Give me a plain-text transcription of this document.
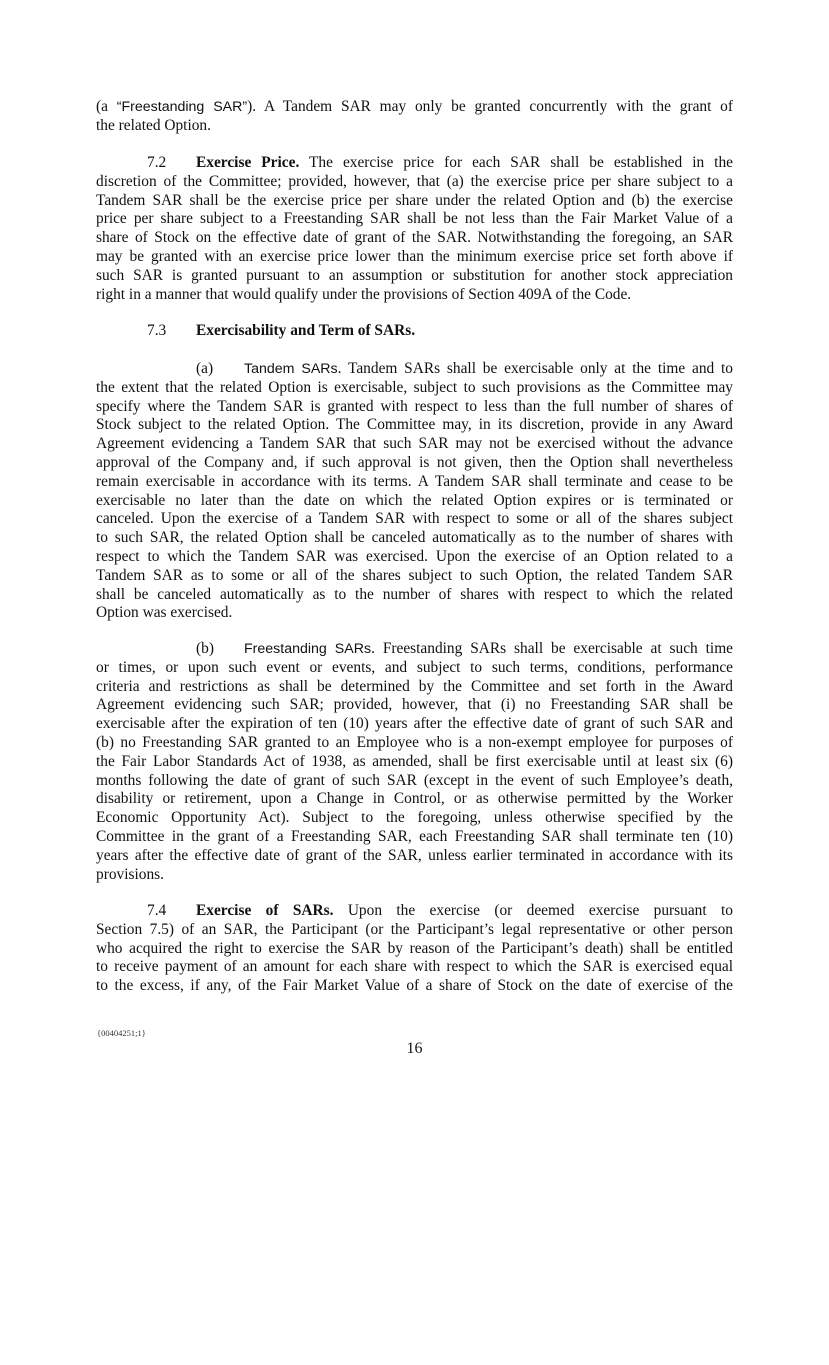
(a “Freestanding SAR”). A Tandem SAR may only be granted concurrently with the grant of
the related Option.
7.2 Exercise Price. The exercise price for each SAR shall be established in the
discretion of the Committee; provided, however, that (a) the exercise price per share subject to a
Tandem SAR shall be the exercise price per share under the related Option and (b) the exercise
price per share subject to a Freestanding SAR shall be not less than the Fair Market Value of a
share of Stock on the effective date of grant of the SAR. Notwithstanding the foregoing, an SAR
may be granted with an exercise price lower than the minimum exercise price set forth above if
such SAR is granted pursuant to an assumption or substitution for another stock appreciation
right in a manner that would qualify under the provisions of Section 409A of the Code.
7.3 Exercisability and Term of SARs.
(a) Tandem SARs. Tandem SARs shall be exercisable only at the time and to
the extent that the related Option is exercisable, subject to such provisions as the Committee may
specify where the Tandem SAR is granted with respect to less than the full number of shares of
Stock subject to the related Option. The Committee may, in its discretion, provide in any Award
Agreement evidencing a Tandem SAR that such SAR may not be exercised without the advance
approval of the Company and, if such approval is not given, then the Option shall nevertheless
remain exercisable in accordance with its terms. A Tandem SAR shall terminate and cease to be
exercisable no later than the date on which the related Option expires or is terminated or
canceled. Upon the exercise of a Tandem SAR with respect to some or all of the shares subject
to such SAR, the related Option shall be canceled automatically as to the number of shares with
respect to which the Tandem SAR was exercised. Upon the exercise of an Option related to a
Tandem SAR as to some or all of the shares subject to such Option, the related Tandem SAR
shall be canceled automatically as to the number of shares with respect to which the related
Option was exercised.
(b) Freestanding SARs. Freestanding SARs shall be exercisable at such time
or times, or upon such event or events, and subject to such terms, conditions, performance
criteria and restrictions as shall be determined by the Committee and set forth in the Award
Agreement evidencing such SAR; provided, however, that (i) no Freestanding SAR shall be
exercisable after the expiration of ten (10) years after the effective date of grant of such SAR and
(b) no Freestanding SAR granted to an Employee who is a non-exempt employee for purposes of
the Fair Labor Standards Act of 1938, as amended, shall be first exercisable until at least six (6)
months following the date of grant of such SAR (except in the event of such Employee’s death,
disability or retirement, upon a Change in Control, or as otherwise permitted by the Worker
Economic Opportunity Act). Subject to the foregoing, unless otherwise specified by the
Committee in the grant of a Freestanding SAR, each Freestanding SAR shall terminate ten (10)
years after the effective date of grant of the SAR, unless earlier terminated in accordance with its
provisions.
7.4 Exercise of SARs. Upon the exercise (or deemed exercise pursuant to
Section 7.5) of an SAR, the Participant (or the Participant’s legal representative or other person
who acquired the right to exercise the SAR by reason of the Participant’s death) shall be entitled
to receive payment of an amount for each share with respect to which the SAR is exercised equal
to the excess, if any, of the Fair Market Value of a share of Stock on the date of exercise of the
{00404251;1}
16
